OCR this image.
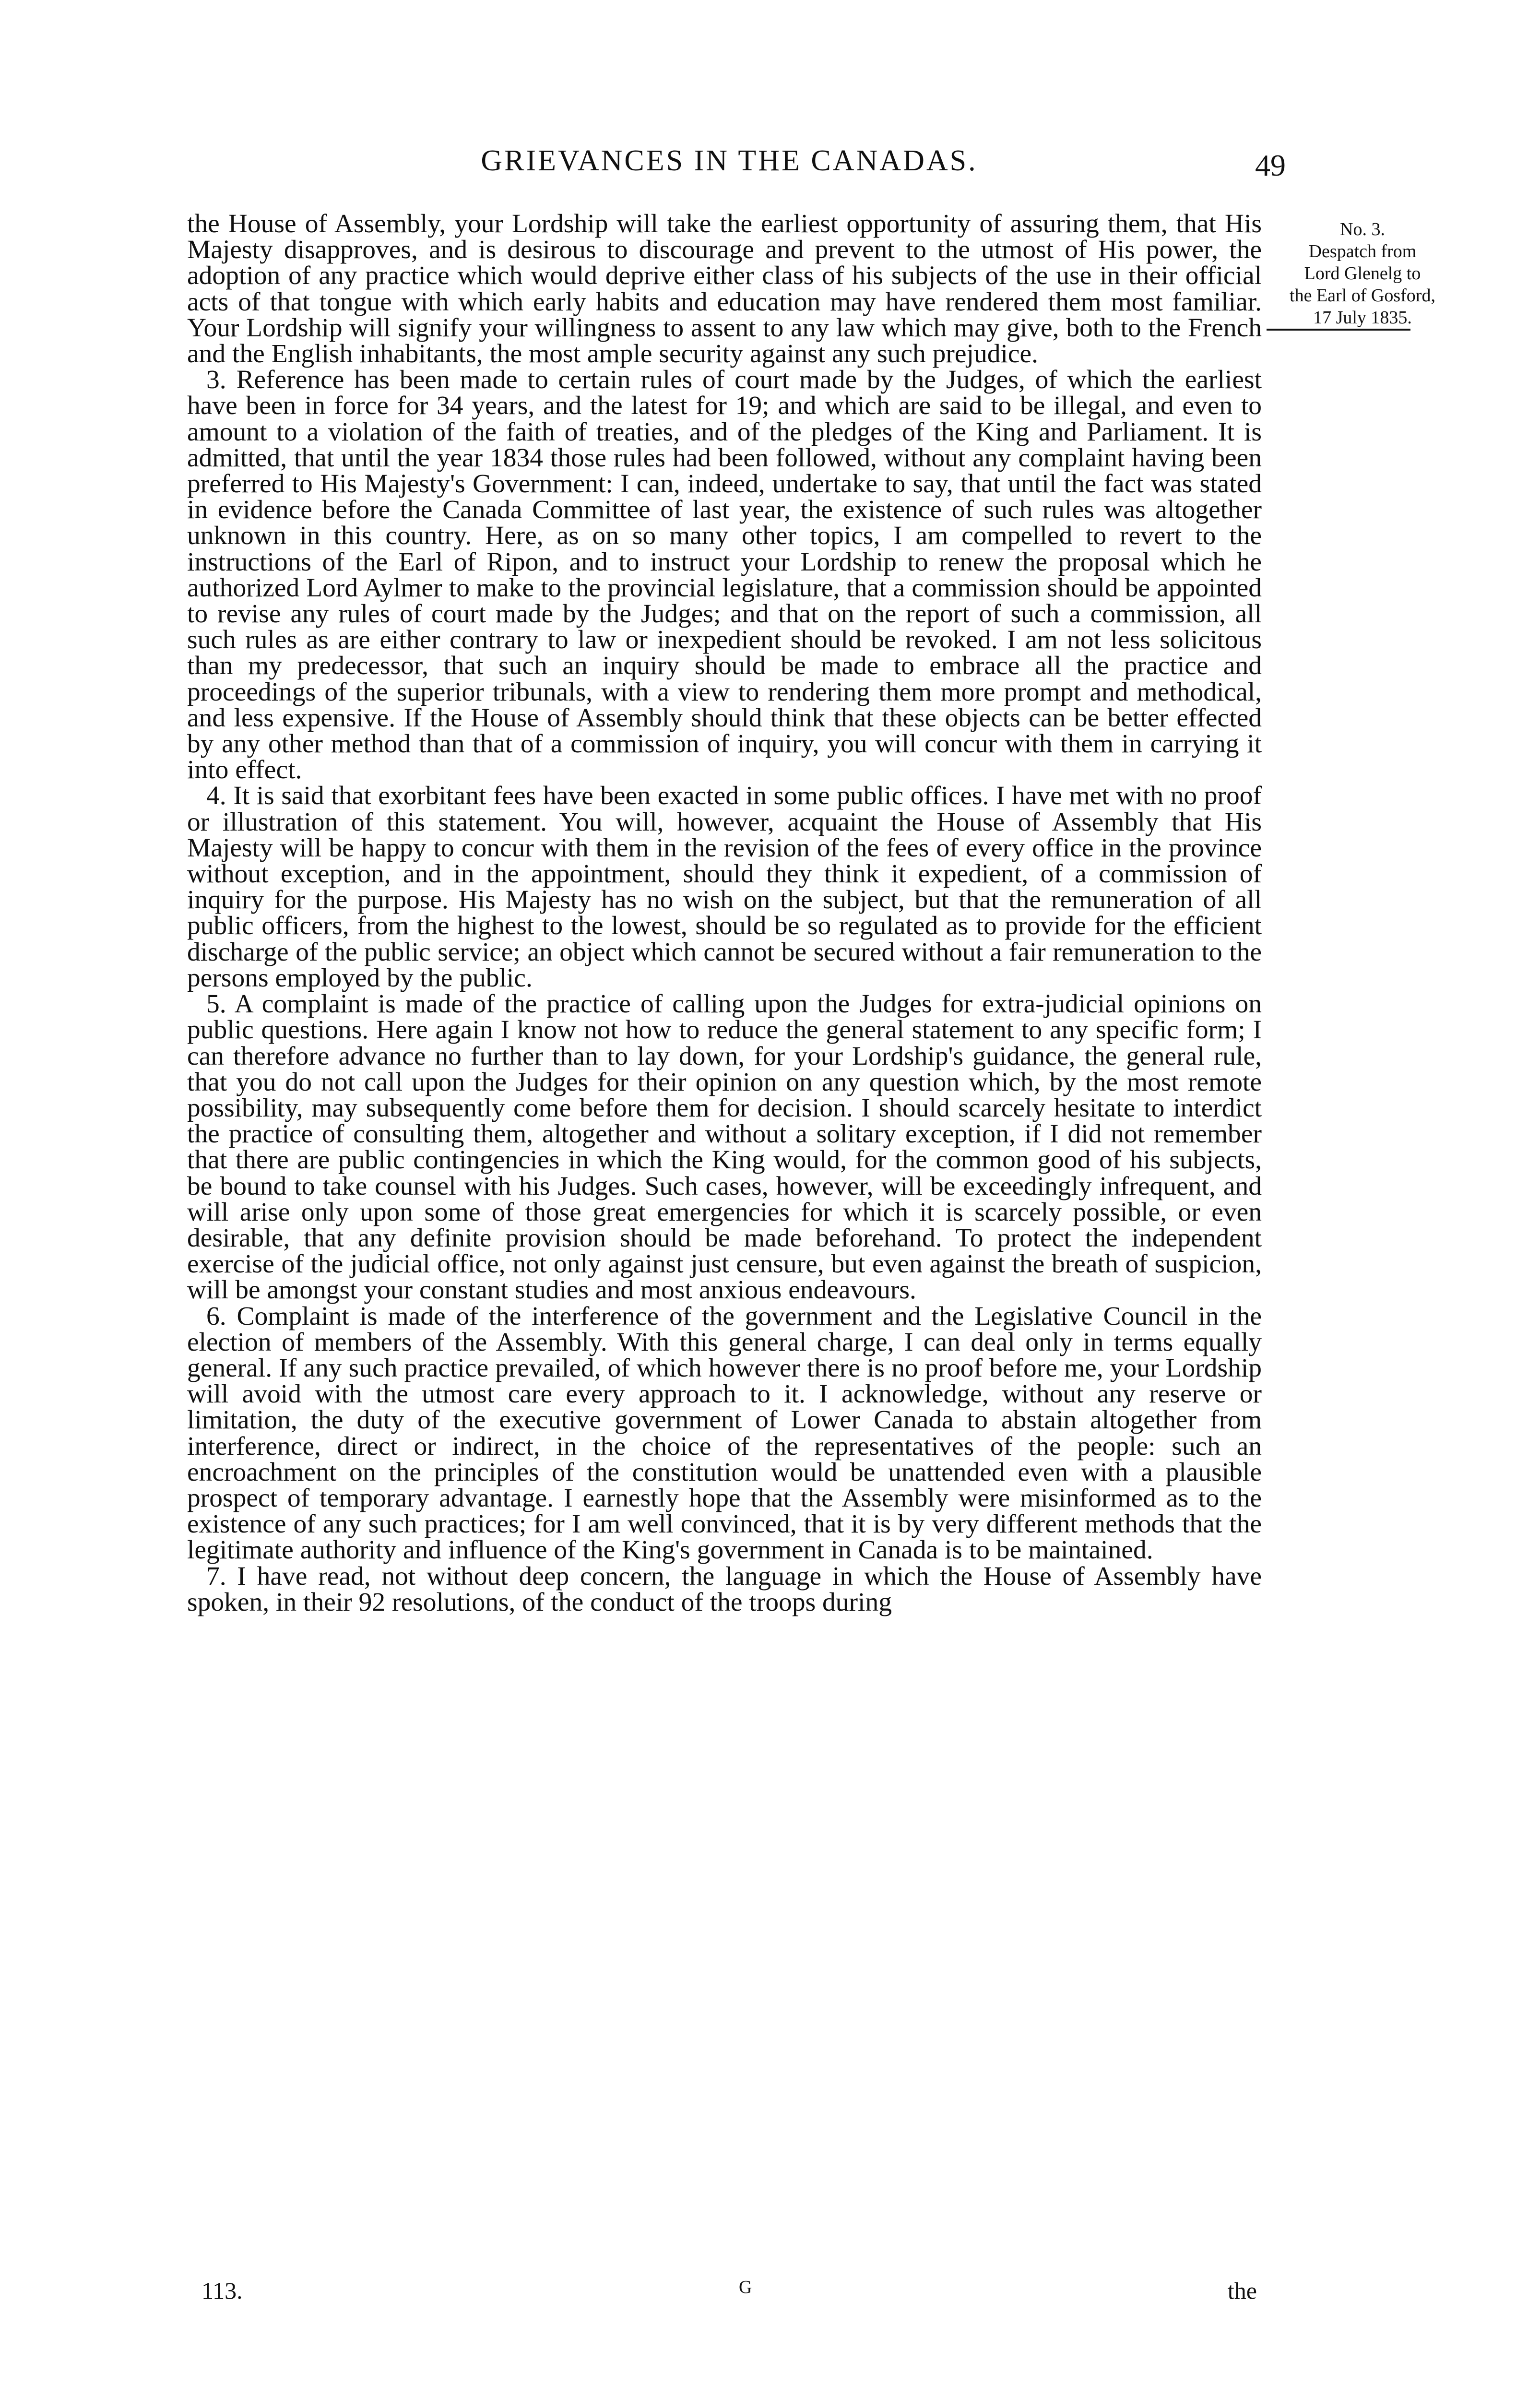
GRIEVANCES IN THE CANADAS.	49
No. 3.
Despatch from
Lord Glenelg to
the Earl of Gosford,
17 July 1835.

the House of Assembly, your Lordship will take the earliest opportunity of assuring them, that His Majesty disapproves, and is desirous to discourage and prevent to the utmost of His power, the adoption of any practice which would deprive either class of his subjects of the use in their official acts of that tongue with which early habits and education may have rendered them most familiar. Your Lordship will signify your willingness to assent to any law which may give, both to the French and the English inhabitants, the most ample security against any such prejudice.

3. Reference has been made to certain rules of court made by the Judges, of which the earliest have been in force for 34 years, and the latest for 19; and which are said to be illegal, and even to amount to a violation of the faith of treaties, and of the pledges of the King and Parliament. It is admitted, that until the year 1834 those rules had been followed, without any complaint having been preferred to His Majesty's Government: I can, indeed, undertake to say, that until the fact was stated in evidence before the Canada Committee of last year, the existence of such rules was altogether unknown in this country. Here, as on so many other topics, I am compelled to revert to the instructions of the Earl of Ripon, and to instruct your Lordship to renew the proposal which he authorized Lord Aylmer to make to the provincial legislature, that a commission should be appointed to revise any rules of court made by the Judges; and that on the report of such a commission, all such rules as are either contrary to law or inexpedient should be revoked. I am not less solicitous than my predecessor, that such an inquiry should be made to embrace all the practice and proceedings of the superior tribunals, with a view to rendering them more prompt and methodical, and less expensive. If the House of Assembly should think that these objects can be better effected by any other method than that of a commission of inquiry, you will concur with them in carrying it into effect.

4. It is said that exorbitant fees have been exacted in some public offices. I have met with no proof or illustration of this statement. You will, however, acquaint the House of Assembly that His Majesty will be happy to concur with them in the revision of the fees of every office in the province without exception, and in the appointment, should they think it expedient, of a commission of inquiry for the purpose. His Majesty has no wish on the subject, but that the remuneration of all public officers, from the highest to the lowest, should be so regulated as to provide for the efficient discharge of the public service; an object which cannot be secured without a fair remuneration to the persons employed by the public.

5. A complaint is made of the practice of calling upon the Judges for extra-judicial opinions on public questions. Here again I know not how to reduce the general statement to any specific form; I can therefore advance no further than to lay down, for your Lordship's guidance, the general rule, that you do not call upon the Judges for their opinion on any question which, by the most remote possibility, may subsequently come before them for decision. I should scarcely hesitate to interdict the practice of consulting them, altogether and without a solitary exception, if I did not remember that there are public contingencies in which the King would, for the common good of his subjects, be bound to take counsel with his Judges. Such cases, however, will be exceedingly infrequent, and will arise only upon some of those great emergencies for which it is scarcely possible, or even desirable, that any definite provision should be made beforehand. To protect the independent exercise of the judicial office, not only against just censure, but even against the breath of suspicion, will be amongst your constant studies and most anxious endeavours.

6. Complaint is made of the interference of the government and the Legislative Council in the election of members of the Assembly. With this general charge, I can deal only in terms equally general. If any such practice prevailed, of which however there is no proof before me, your Lordship will avoid with the utmost care every approach to it. I acknowledge, without any reserve or limitation, the duty of the executive government of Lower Canada to abstain altogether from interference, direct or indirect, in the choice of the representatives of the people: such an encroachment on the principles of the constitution would be unattended even with a plausible prospect of temporary advantage. I earnestly hope that the Assembly were misinformed as to the existence of any such practices; for I am well convinced, that it is by very different methods that the legitimate authority and influence of the King's government in Canada is to be maintained.

7. I have read, not without deep concern, the language in which the House of Assembly have spoken, in their 92 resolutions, of the conduct of the troops during

113.	G	the
